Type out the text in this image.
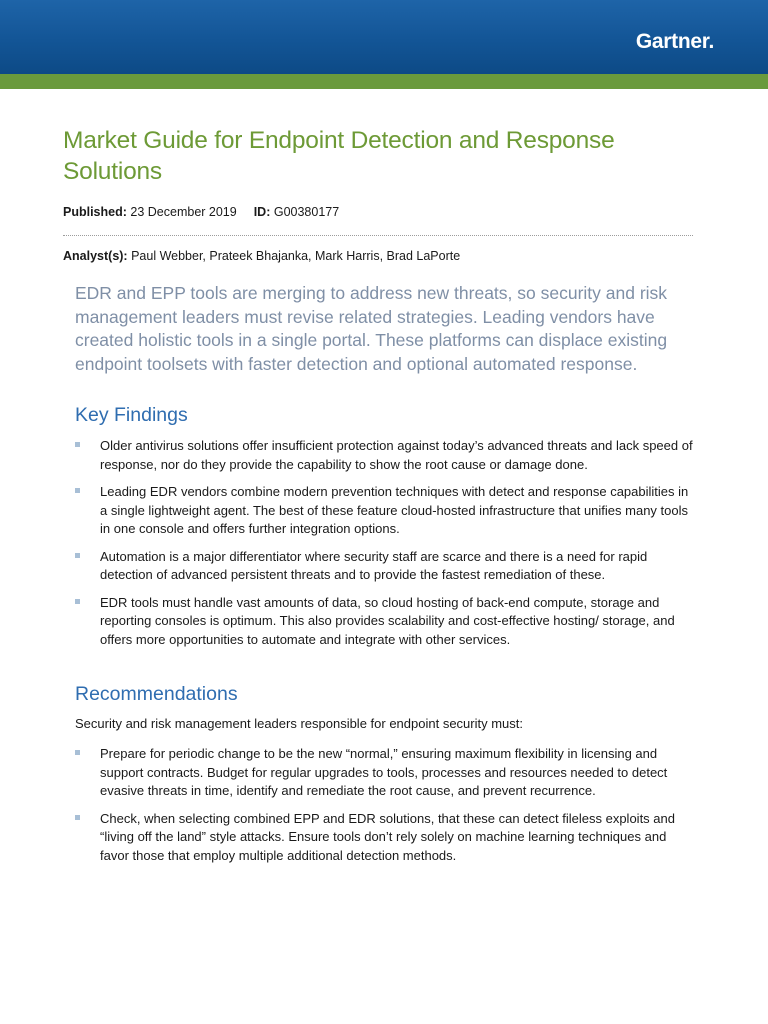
Gartner.
Market Guide for Endpoint Detection and Response Solutions
Published: 23 December 2019 ID: G00380177
Analyst(s): Paul Webber, Prateek Bhajanka, Mark Harris, Brad LaPorte

EDR and EPP tools are merging to address new threats, so security and risk management leaders must revise related strategies. Leading vendors have created holistic tools in a single portal. These platforms can displace existing endpoint toolsets with faster detection and optional automated response.

Key Findings
Older antivirus solutions offer insufficient protection against today’s advanced threats and lack speed of response, nor do they provide the capability to show the root cause or damage done.
Leading EDR vendors combine modern prevention techniques with detect and response capabilities in a single lightweight agent. The best of these feature cloud-hosted infrastructure that unifies many tools in one console and offers further integration options.
Automation is a major differentiator where security staff are scarce and there is a need for rapid detection of advanced persistent threats and to provide the fastest remediation of these.
EDR tools must handle vast amounts of data, so cloud hosting of back-end compute, storage and reporting consoles is optimum. This also provides scalability and cost-effective hosting/ storage, and offers more opportunities to automate and integrate with other services.
Recommendations

Security and risk management leaders responsible for endpoint security must:

Prepare for periodic change to be the new “normal,” ensuring maximum flexibility in licensing and support contracts. Budget for regular upgrades to tools, processes and resources needed to detect evasive threats in time, identify and remediate the root cause, and prevent recurrence.
Check, when selecting combined EPP and EDR solutions, that these can detect fileless exploits and “living off the land” style attacks. Ensure tools don’t rely solely on machine learning techniques and favor those that employ multiple additional detection methods.
